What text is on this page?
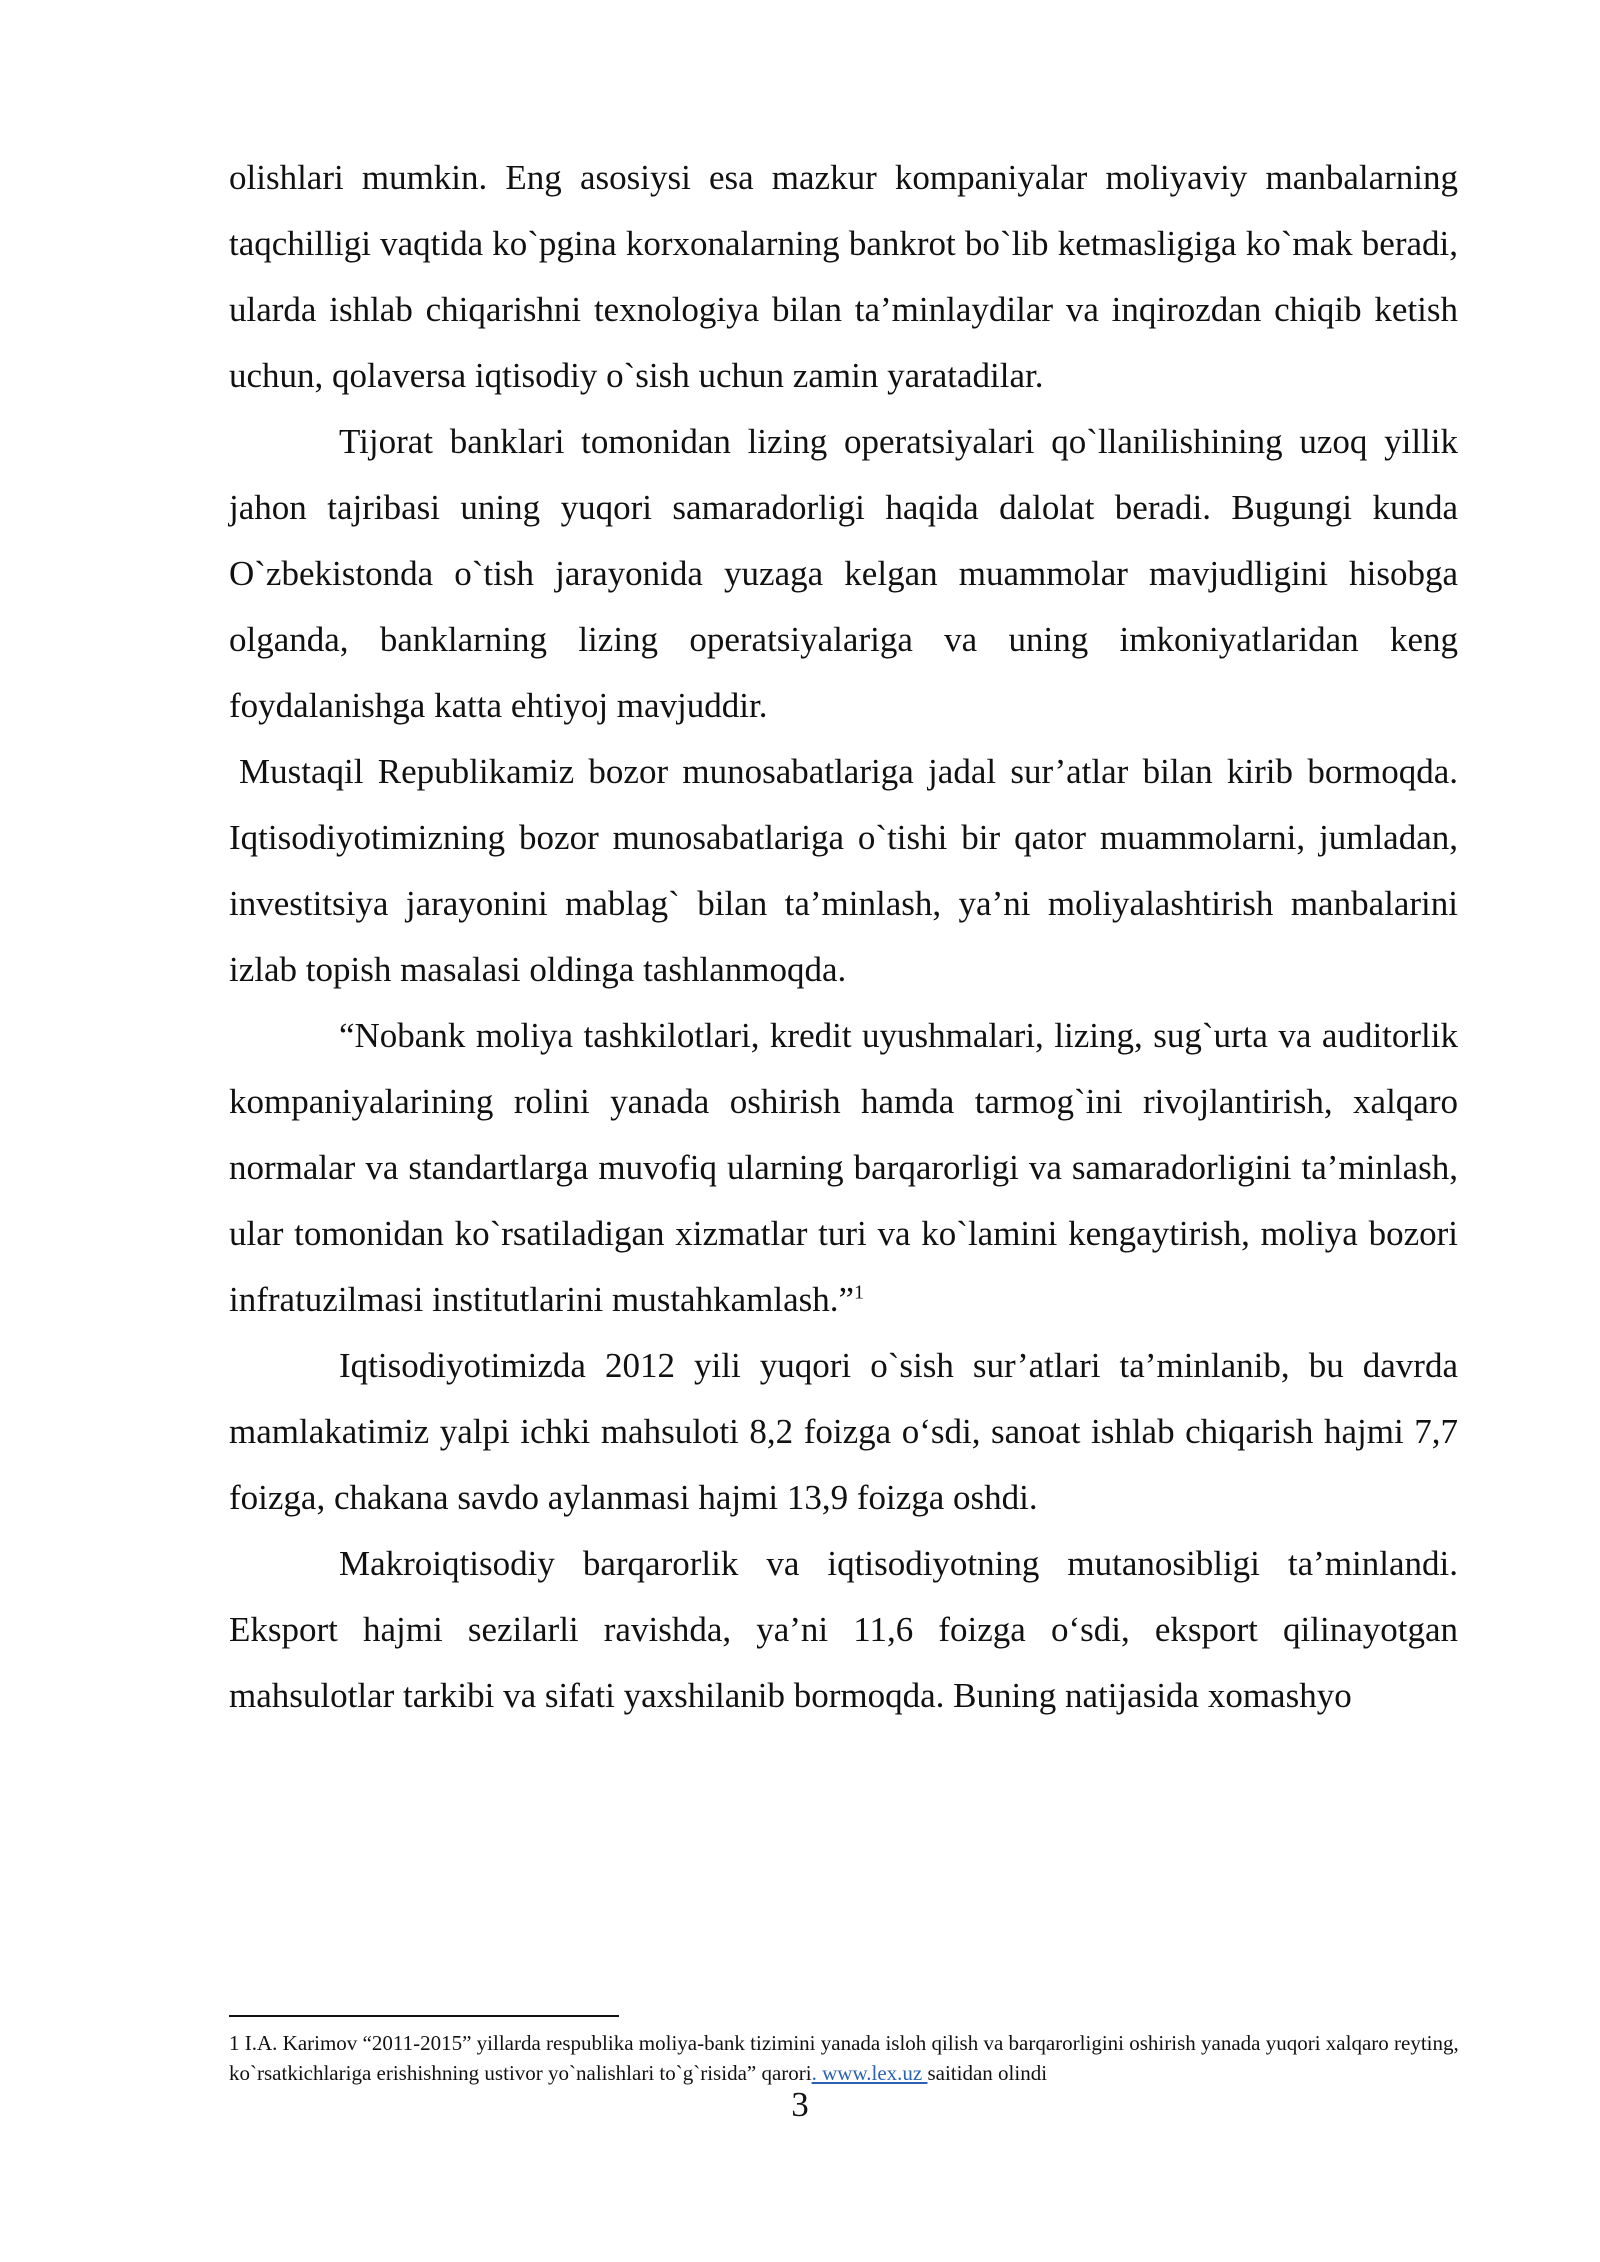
olishlari mumkin. Eng asosiysi esa mazkur kompaniyalar moliyaviy manbalarning taqchilligi vaqtida ko`pgina korxonalarning bankrot bo`lib ketmasligiga ko`mak beradi, ularda ishlab chiqarishni texnologiya bilan ta’minlaydilar va inqirozdan chiqib ketish uchun, qolaversa iqtisodiy o`sish uchun zamin yaratadilar.

Tijorat banklari tomonidan lizing operatsiyalari qo`llanilishining uzoq yillik jahon tajribasi uning yuqori samaradorligi haqida dalolat beradi. Bugungi kunda O`zbekistonda o`tish jarayonida yuzaga kelgan muammolar mavjudligini hisobga olganda, banklarning lizing operatsiyalariga va uning imkoniyatlaridan keng foydalanishga katta ehtiyoj mavjuddir.

Mustaqil Republikamiz bozor munosabatlariga jadal sur’atlar bilan kirib bormoqda. Iqtisodiyotimizning bozor munosabatlariga o`tishi bir qator muammolarni, jumladan, investitsiya jarayonini mablag` bilan ta’minlash, ya’ni moliyalashtirish manbalarini izlab topish masalasi oldinga tashlanmoqda.

“Nobank moliya tashkilotlari, kredit uyushmalari, lizing, sug`urta va auditorlik kompaniyalarining rolini yanada oshirish hamda tarmog`ini rivojlantirish, xalqaro normalar va standartlarga muvofiq ularning barqarorligi va samaradorligini ta’minlash, ular tomonidan ko`rsatiladigan xizmatlar turi va ko`lamini kengaytirish, moliya bozori infratuzilmasi institutlarini mustahkamlash.”$^1$

Iqtisodiyotimizda 2012 yili yuqori o`sish sur’atlari ta’minlanib, bu davrda mamlakatimiz yalpi ichki mahsuloti 8,2 foizga o‘sdi, sanoat ishlab chiqarish hajmi 7,7 foizga, chakana savdo aylanmasi hajmi 13,9 foizga oshdi.

Makroiqtisodiy barqarorlik va iqtisodiyotning mutanosibligi ta’minlandi. Eksport hajmi sezilarli ravishda, ya’ni 11,6 foizga o‘sdi, eksport qilinayotgan mahsulotlar tarkibi va sifati yaxshilanib bormoqda. Buning natijasida xomashyo

1 I.A. Karimov “2011-2015” yillarda respublika moliya-bank tizimini yanada isloh qilish va barqarorligini oshirish yanada yuqori xalqaro reyting, ko`rsatkichlariga erishishning ustivor yo`nalishlari to`g`risida” qarori. www.lex.uz saitidan olindi

3
